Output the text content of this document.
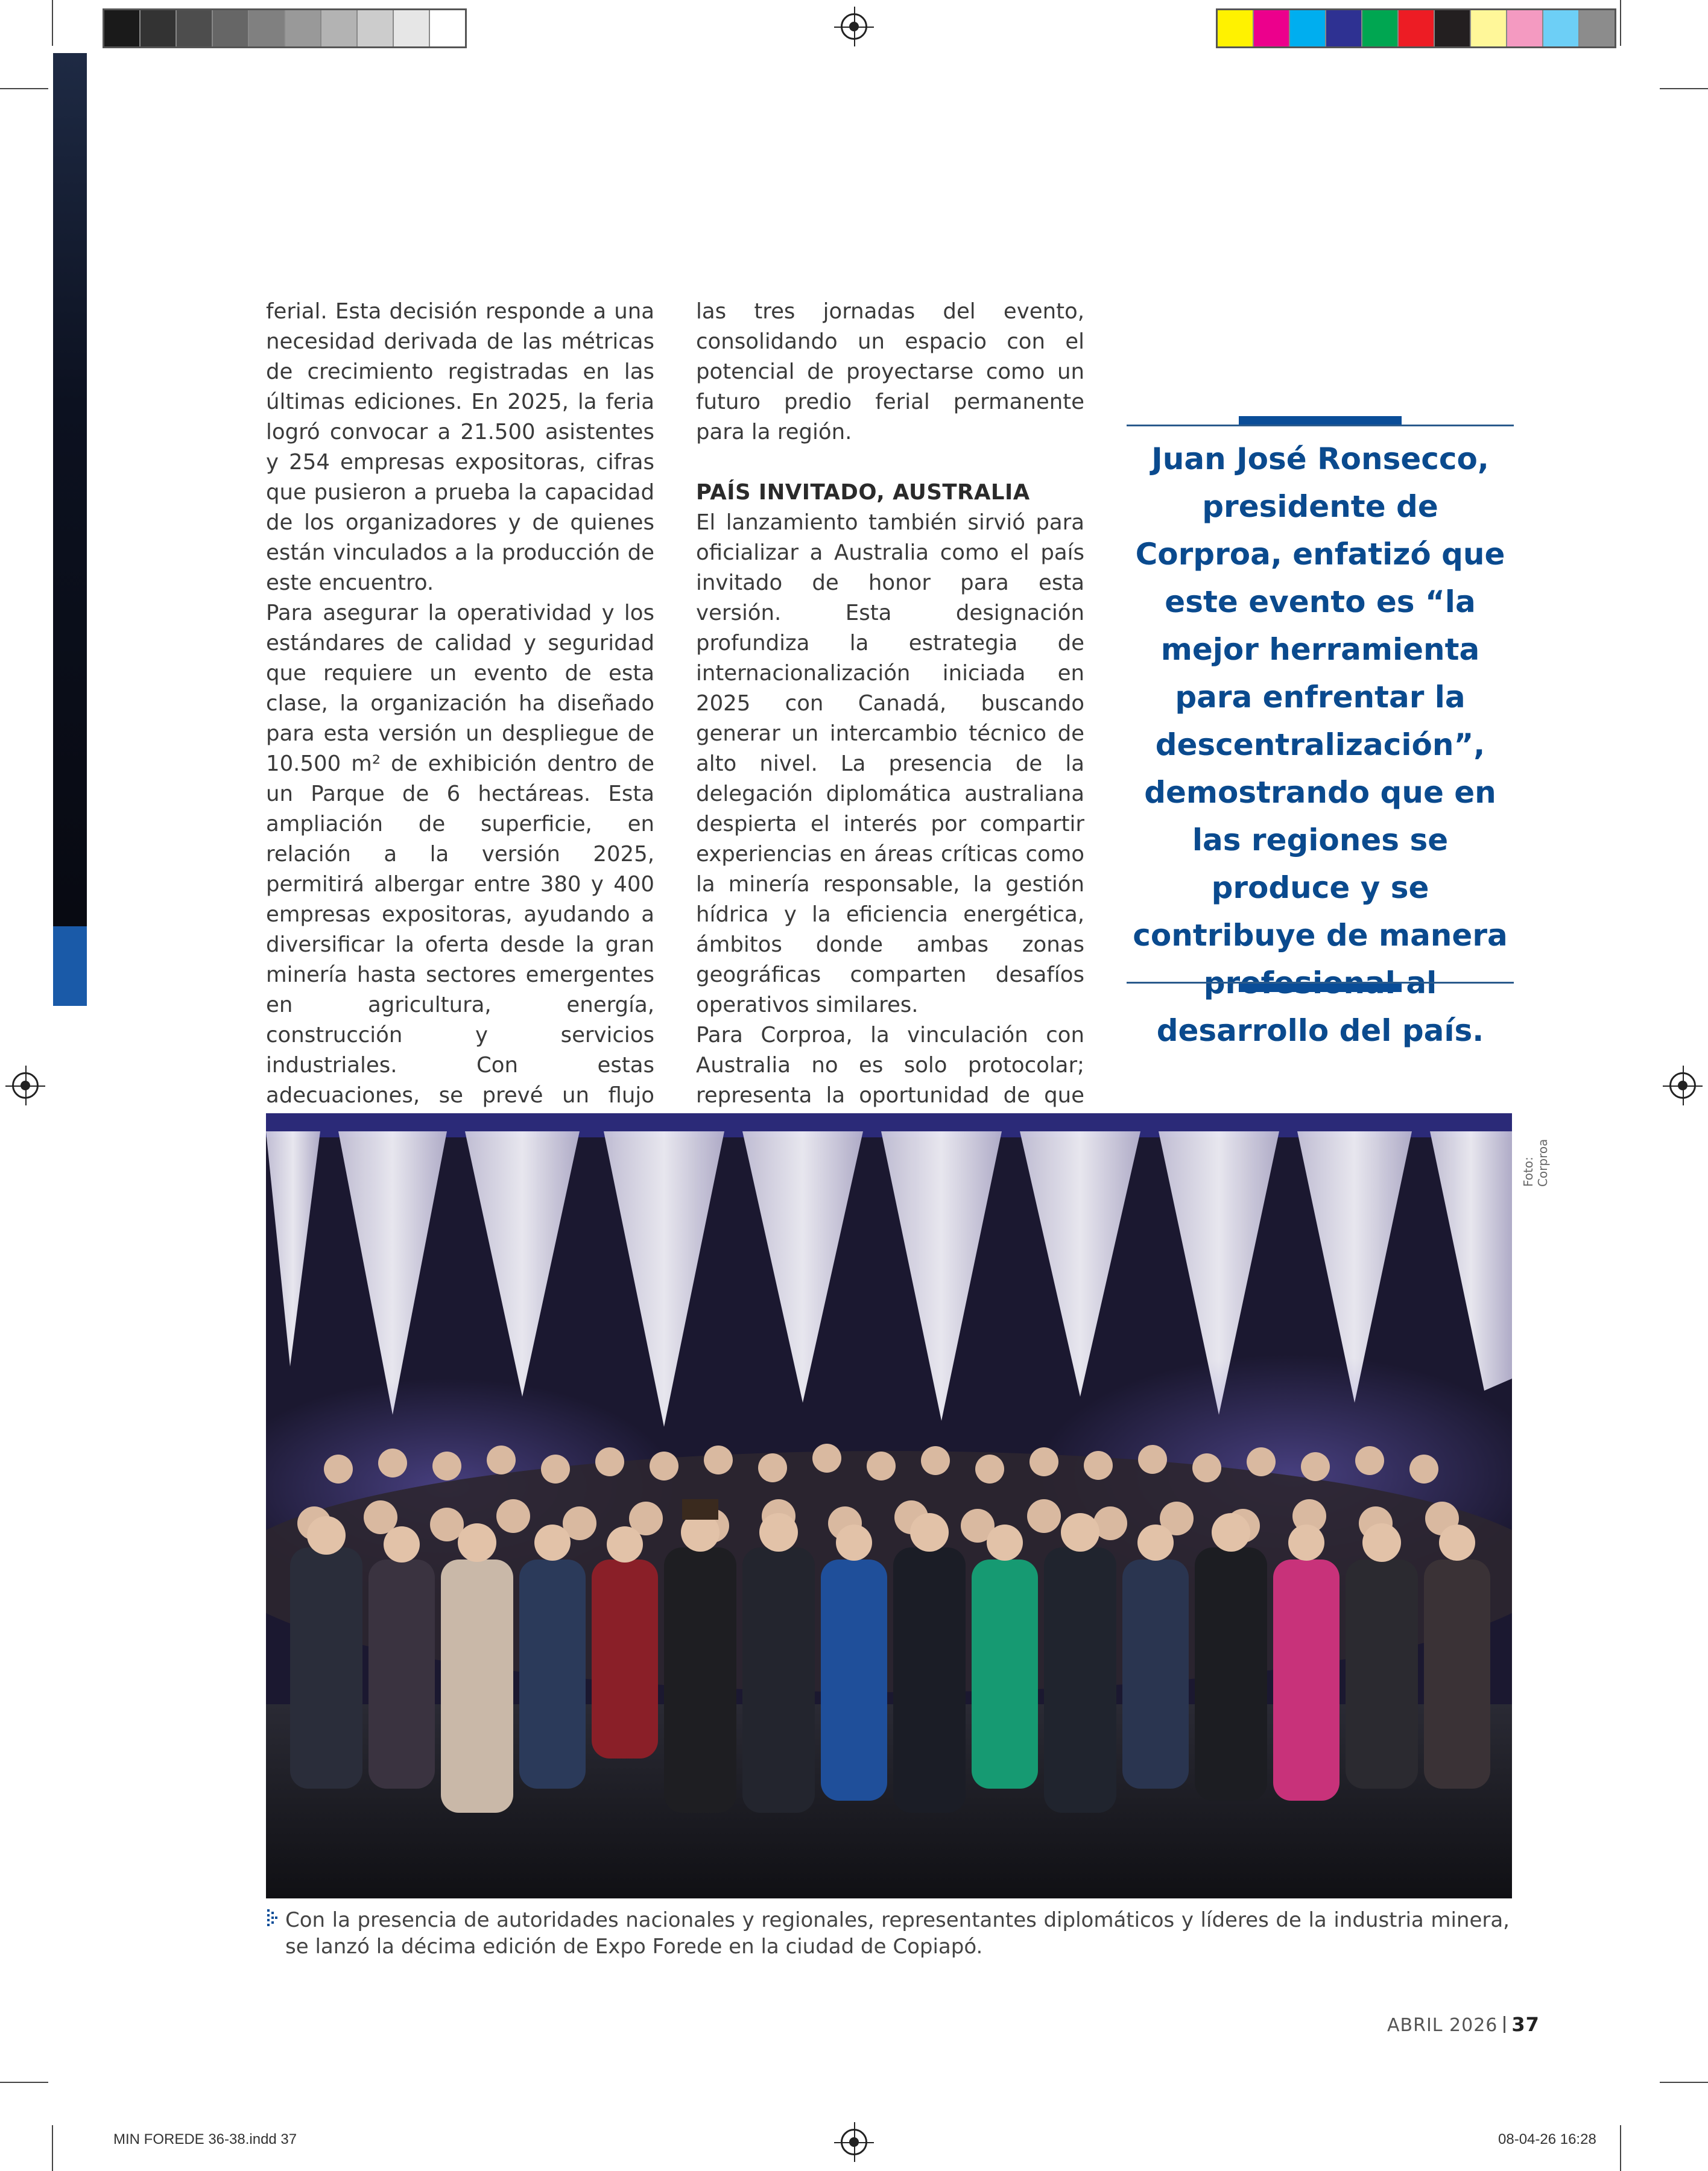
ferial. Esta decisión responde a una necesidad derivada de las métricas de crecimiento registradas en las últimas ediciones. En 2025, la feria logró convocar a 21.500 asistentes y 254 empresas expositoras, cifras que pusieron a prueba la capacidad de los organizadores y de quienes están vinculados a la producción de este encuentro.

Para asegurar la operatividad y los estándares de calidad y seguridad que requiere un evento de esta clase, la organización ha diseñado para esta versión un despliegue de 10.500 m² de exhibición dentro de un Parque de 6 hectáreas. Esta ampliación de superficie, en relación a la versión 2025, permitirá albergar entre 380 y 400 empresas expositoras, ayudando a diversificar la oferta desde la gran minería hasta sectores emergentes en agricultura, energía, construcción y servicios industriales. Con estas adecuaciones, se prevé un flujo

las tres jornadas del evento, consolidando un espacio con el potencial de proyectarse como un futuro predio ferial permanente para la región.

PAÍS INVITADO, AUSTRALIA

El lanzamiento también sirvió para oficializar a Australia como el país invitado de honor para esta versión. Esta designación profundiza la estrategia de internacionalización iniciada en 2025 con Canadá, buscando generar un intercambio técnico de alto nivel. La presencia de la delegación diplomática australiana despierta el interés por compartir experiencias en áreas críticas como la minería responsable, la gestión hídrica y la eficiencia energética, ámbitos donde ambas zonas geográficas comparten desafíos operativos similares.

Para Corproa, la vinculación con Australia no es solo protocolar; representa la oportunidad de que

Juan José Ronsecco, presidente de Corproa, enfatizó que este evento es “la mejor herramienta para enfrentar la descentralización”, demostrando que en las regiones se produce y se contribuye de manera al desarrollo del país.
Foto: Corproa
Con la presencia de autoridades nacionales y regionales, representantes diplomáticos y líderes de la industria minera, se lanzó la décima edición de Expo Forede en la ciudad de Copiapó.
ABRIL 2026 37
MIN FOREDE 36-38.indd 37	08-04-26 16:28
